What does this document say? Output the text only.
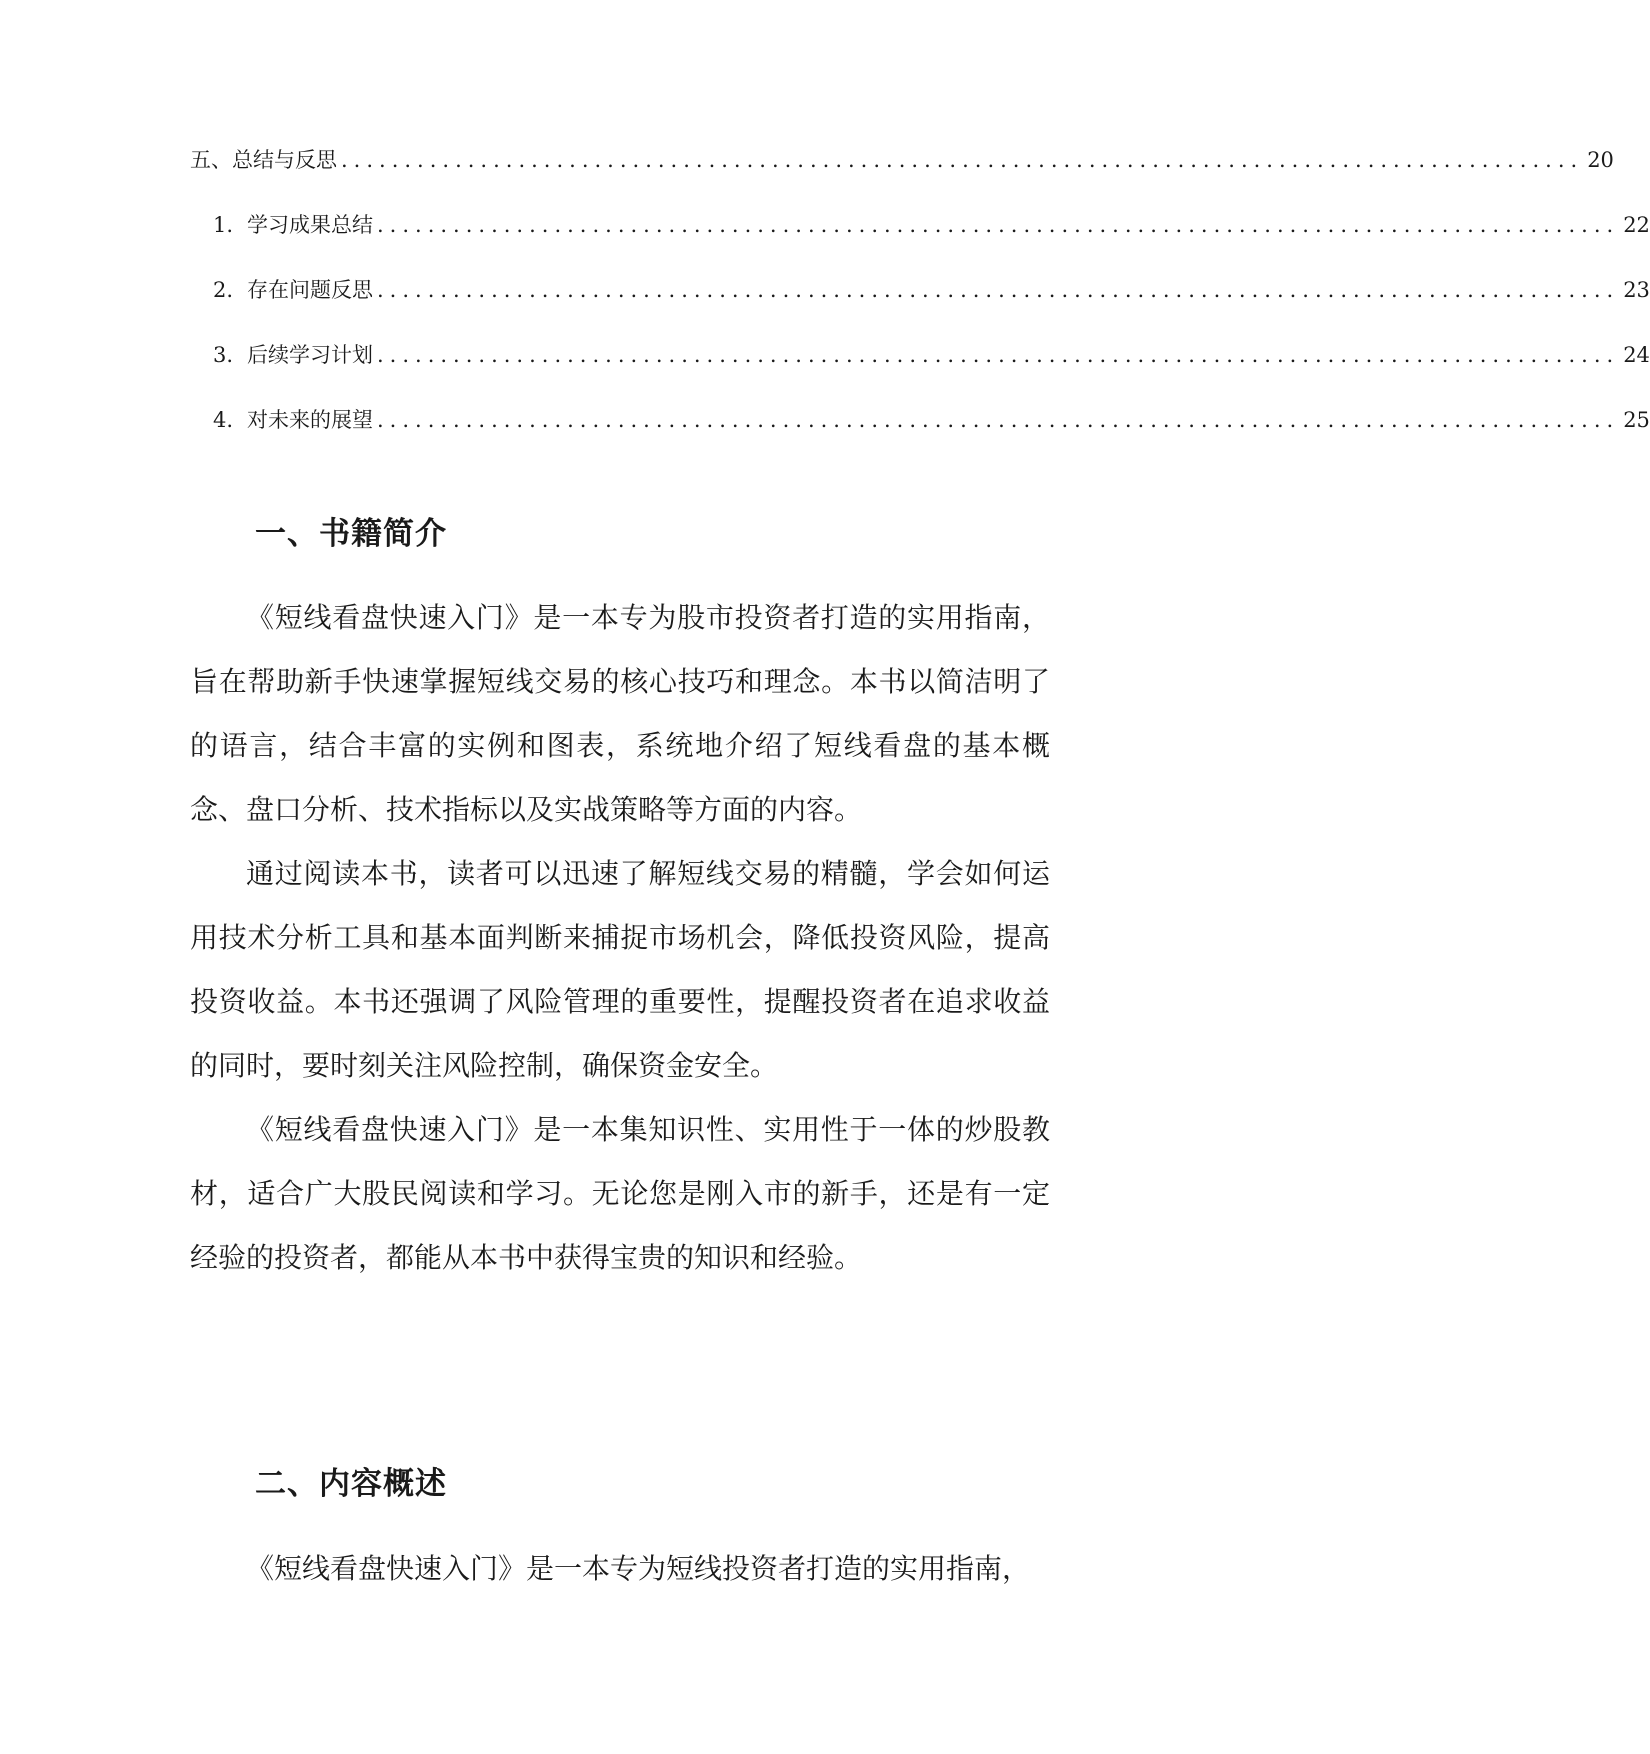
五、总结与反思 .................................................................................................. 20
1. 学习成果总结 .................................................................................................. 22
2. 存在问题反思 .................................................................................................. 23
3. 后续学习计划 .................................................................................................. 24
4. 对未来的展望 .................................................................................................. 25
一、书籍简介

《短线看盘快速入门》是一本专为股市投资者打造的实用指南，旨在帮助新手快速掌握短线交易的核心技巧和理念。本书以简洁明了的语言，结合丰富的实例和图表，系统地介绍了短线看盘的基本概念、盘口分析、技术指标以及实战策略等方面的内容。

通过阅读本书，读者可以迅速了解短线交易的精髓，学会如何运用技术分析工具和基本面判断来捕捉市场机会，降低投资风险，提高投资收益。本书还强调了风险管理的重要性，提醒投资者在追求收益的同时，要时刻关注风险控制，确保资金安全。

《短线看盘快速入门》是一本集知识性、实用性于一体的炒股教材，适合广大股民阅读和学习。无论您是刚入市的新手，还是有一定经验的投资者，都能从本书中获得宝贵的知识和经验。

二、内容概述

《短线看盘快速入门》是一本专为短线投资者打造的实用指南，
